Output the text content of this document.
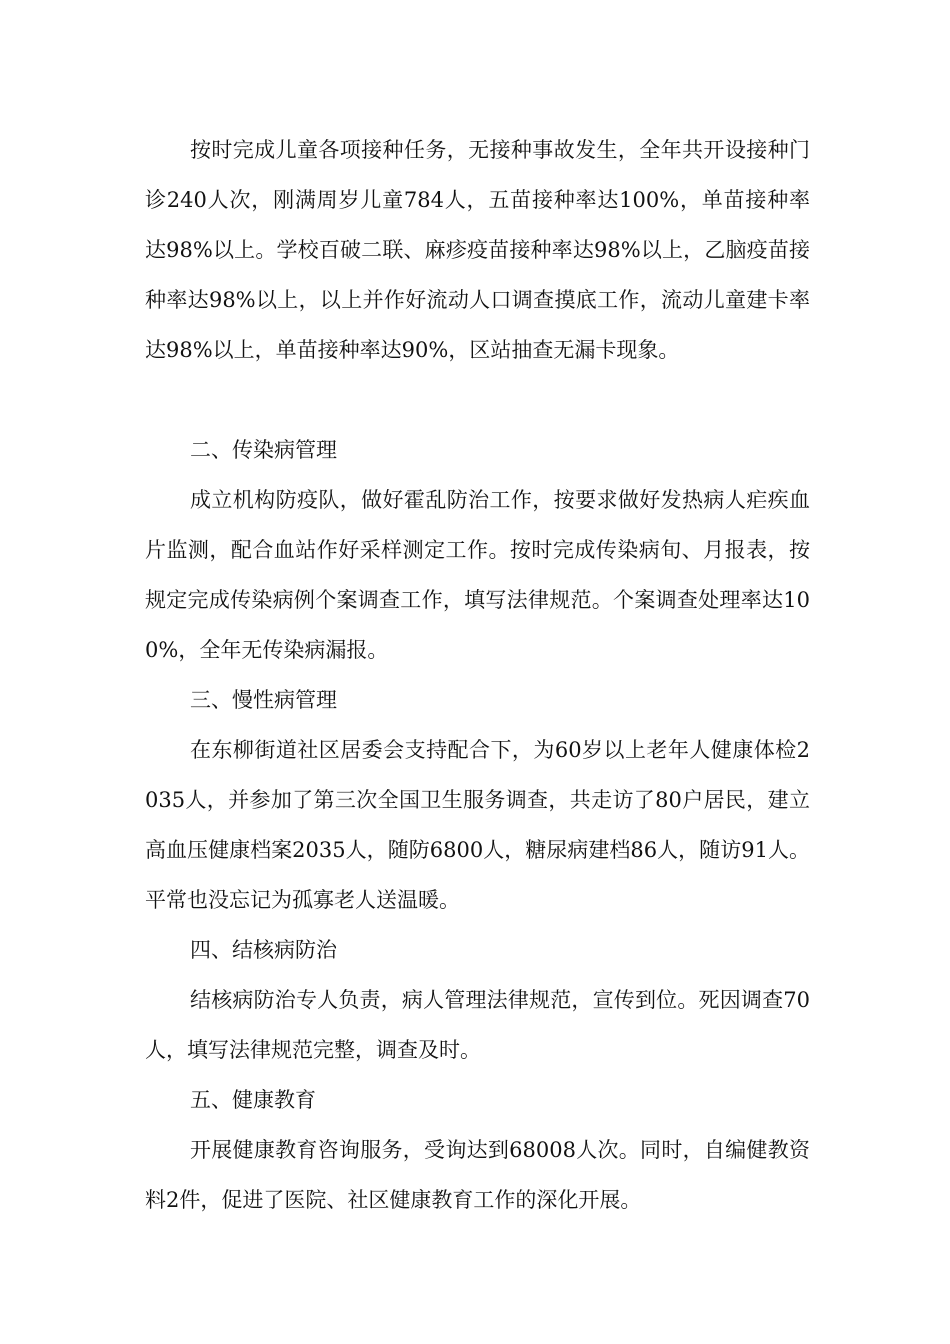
按时完成儿童各项接种任务，无接种事故发生，全年共开设接种门诊240人次，刚满周岁儿童784人，五苗接种率达100%，单苗接种率达98%以上。学校百破二联、麻疹疫苗接种率达98%以上，乙脑疫苗接种率达98%以上，以上并作好流动人口调查摸底工作，流动儿童建卡率达98%以上，单苗接种率达90%，区站抽查无漏卡现象。

二、传染病管理

成立机构防疫队，做好霍乱防治工作，按要求做好发热病人疟疾血片监测，配合血站作好采样测定工作。按时完成传染病旬、月报表，按规定完成传染病例个案调查工作，填写法律规范。个案调查处理率达100%，全年无传染病漏报。

三、慢性病管理

在东柳街道社区居委会支持配合下，为60岁以上老年人健康体检2035人，并参加了第三次全国卫生服务调查，共走访了80户居民，建立高血压健康档案2035人，随防6800人，糖尿病建档86人，随访91人。平常也没忘记为孤寡老人送温暖。

四、结核病防治

结核病防治专人负责，病人管理法律规范，宣传到位。死因调查70人，填写法律规范完整，调查及时。

五、健康教育

开展健康教育咨询服务，受询达到68008人次。同时，自编健教资料2件，促进了医院、社区健康教育工作的深化开展。
